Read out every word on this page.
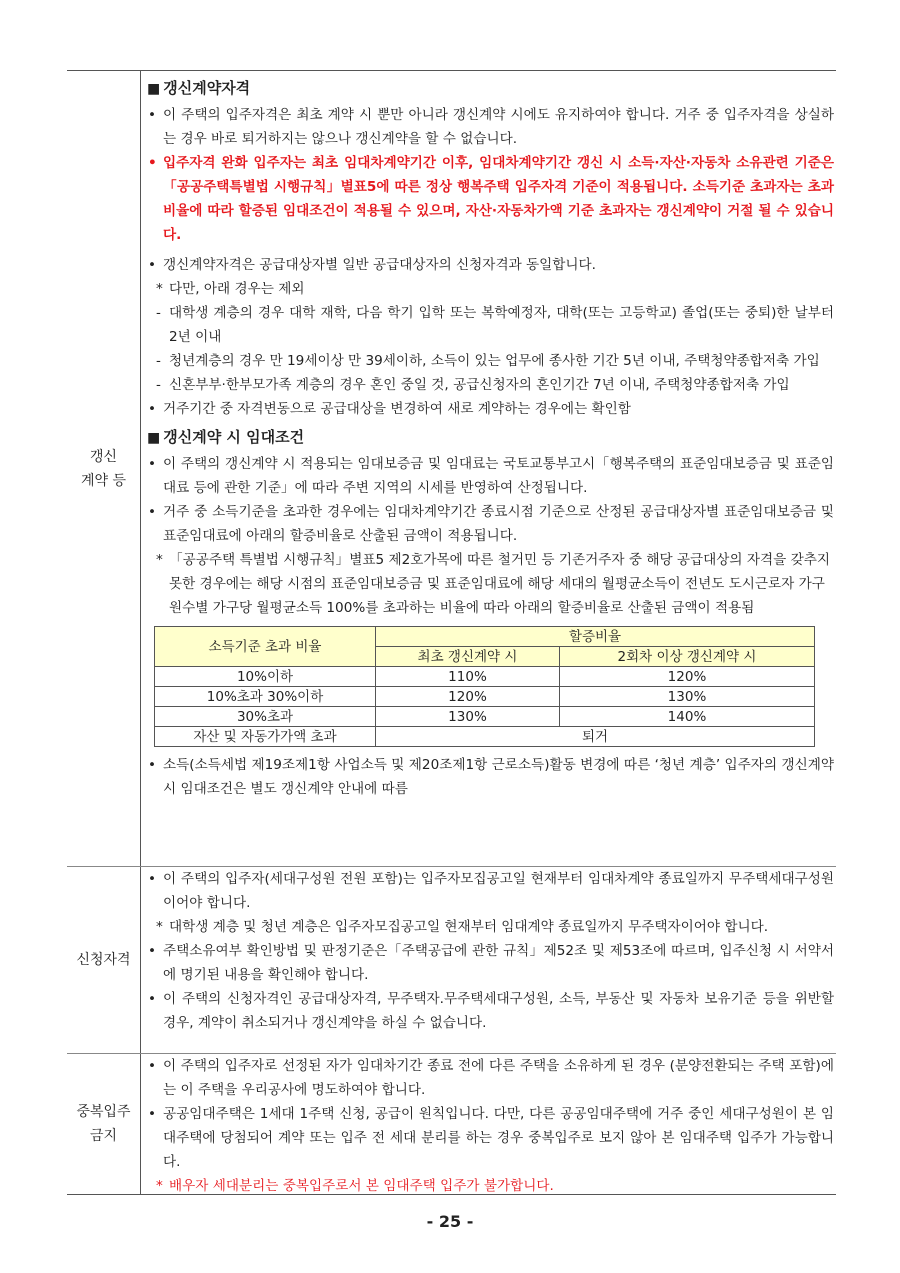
갱신
계약 등
■ 갱신계약자격
• 이 주택의 입주자격은 최초 계약 시 뿐만 아니라 갱신계약 시에도 유지하여야 합니다. 거주 중 입주자격을 상실하는 경우 바로 퇴거하지는 않으나 갱신계약을 할 수 없습니다.
• 입주자격 완화 입주자는 최초 임대차계약기간 이후, 임대차계약기간 갱신 시 소득·자산·자동차 소유관련 기준은「공공주택특별법 시행규칙」별표5에 따른 정상 행복주택 입주자격 기준이 적용됩니다. 소득기준 초과자는 초과 비율에 따라 할증된 임대조건이 적용될 수 있으며, 자산·자동차가액 기준 초과자는 갱신계약이 거절 될 수 있습니다.
• 갱신계약자격은 공급대상자별 일반 공급대상자의 신청자격과 동일합니다.
* 다만, 아래 경우는 제외
- 대학생 계층의 경우 대학 재학, 다음 학기 입학 또는 복학예정자, 대학(또는 고등학교) 졸업(또는 중퇴)한 날부터 2년 이내
- 청년계층의 경우 만 19세이상 만 39세이하, 소득이 있는 업무에 종사한 기간 5년 이내, 주택청약종합저축 가입
- 신혼부부·한부모가족 계층의 경우 혼인 중일 것, 공급신청자의 혼인기간 7년 이내, 주택청약종합저축 가입
• 거주기간 중 자격변동으로 공급대상을 변경하여 새로 계약하는 경우에는 확인함
■ 갱신계약 시 임대조건
• 이 주택의 갱신계약 시 적용되는 임대보증금 및 임대료는 국토교통부고시「행복주택의 표준임대보증금 및 표준임대료 등에 관한 기준」에 따라 주변 지역의 시세를 반영하여 산정됩니다.
• 거주 중 소득기준을 초과한 경우에는 임대차계약기간 종료시점 기준으로 산정된 공급대상자별 표준임대보증금 및 표준임대료에 아래의 할증비율로 산출된 금액이 적용됩니다.
* 「공공주택 특별법 시행규칙」별표5 제2호가목에 따른 철거민 등 기존거주자 중 해당 공급대상의 자격을 갖추지 못한 경우에는 해당 시점의 표준임대보증금 및 표준임대료에 해당 세대의 월평균소득이 전년도 도시근로자 가구원수별 가구당 월평균소득 100%를 초과하는 비율에 따라 아래의 할증비율로 산출된 금액이 적용됨
소득기준 초과 비율	할증비율	
	최초 갱신계약 시	2회차 이상 갱신계약 시
10%이하	110%	120%
10%초과 30%이하	120%	130%
30%초과	130%	140%
자산 및 자동가가액 초과	퇴거	
• 소득(소득세법 제19조제1항 사업소득 및 제20조제1항 근로소득)활동 변경에 따른 ‘청년 계층’ 입주자의 갱신계약시 임대조건은 별도 갱신계약 안내에 따름
신청자격
• 이 주택의 입주자(세대구성원 전원 포함)는 입주자모집공고일 현재부터 임대차계약 종료일까지 무주택세대구성원이어야 합니다.
* 대학생 계층 및 청년 계층은 입주자모집공고일 현재부터 임대계약 종료일까지 무주택자이어야 합니다.
• 주택소유여부 확인방법 및 판정기준은「주택공급에 관한 규칙」제52조 및 제53조에 따르며, 입주신청 시 서약서에 명기된 내용을 확인해야 합니다.
• 이 주택의 신청자격인 공급대상자격, 무주택자.무주택세대구성원, 소득, 부동산 및 자동차 보유기준 등을 위반할 경우, 계약이 취소되거나 갱신계약을 하실 수 없습니다.
중복입주
금지
• 이 주택의 입주자로 선정된 자가 임대차기간 종료 전에 다른 주택을 소유하게 된 경우 (분양전환되는 주택 포함)에는 이 주택을 우리공사에 명도하여야 합니다.
• 공공임대주택은 1세대 1주택 신청, 공급이 원칙입니다. 다만, 다른 공공임대주택에 거주 중인 세대구성원이 본 임대주택에 당첨되어 계약 또는 입주 전 세대 분리를 하는 경우 중복입주로 보지 않아 본 임대주택 입주가 가능합니다.
* 배우자 세대분리는 중복입주로서 본 임대주택 입주가 불가합니다.
- 25 -
